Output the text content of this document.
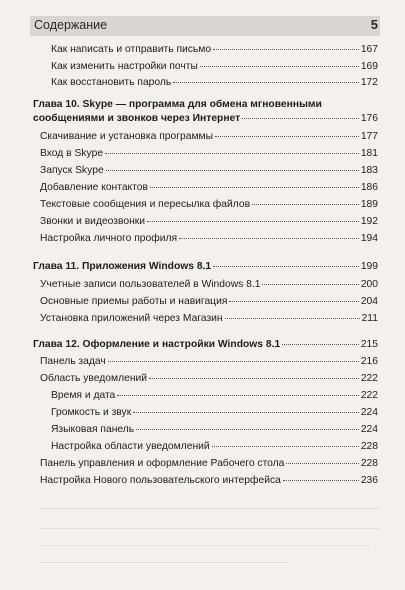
Содержание	5
Как написать и отправить письмо	167
Как изменить настройки почты	169
Как восстановить пароль	172
Глава 10. Skype — программа для обмена мгновенными
сообщениями и звонков через Интернет	176
Скачивание и установка программы	177
Вход в Skype	181
Запуск Skype	183
Добавление контактов	186
Текстовые сообщения и пересылка файлов	189
Звонки и видеозвонки	192
Настройка личного профиля	194
Глава 11. Приложения Windows 8.1	199
Учетные записи пользователей в Windows 8.1	200
Основные приемы работы и навигация	204
Установка приложений через Магазин	211
Глава 12. Оформление и настройки Windows 8.1	215
Панель задач	216
Область уведомлений	222
Время и дата	222
Громкость и звук	224
Языковая панель	224
Настройка области уведомлений	228
Панель управления и оформление Рабочего стола	228
Настройка Нового пользовательского интерфейса	236
